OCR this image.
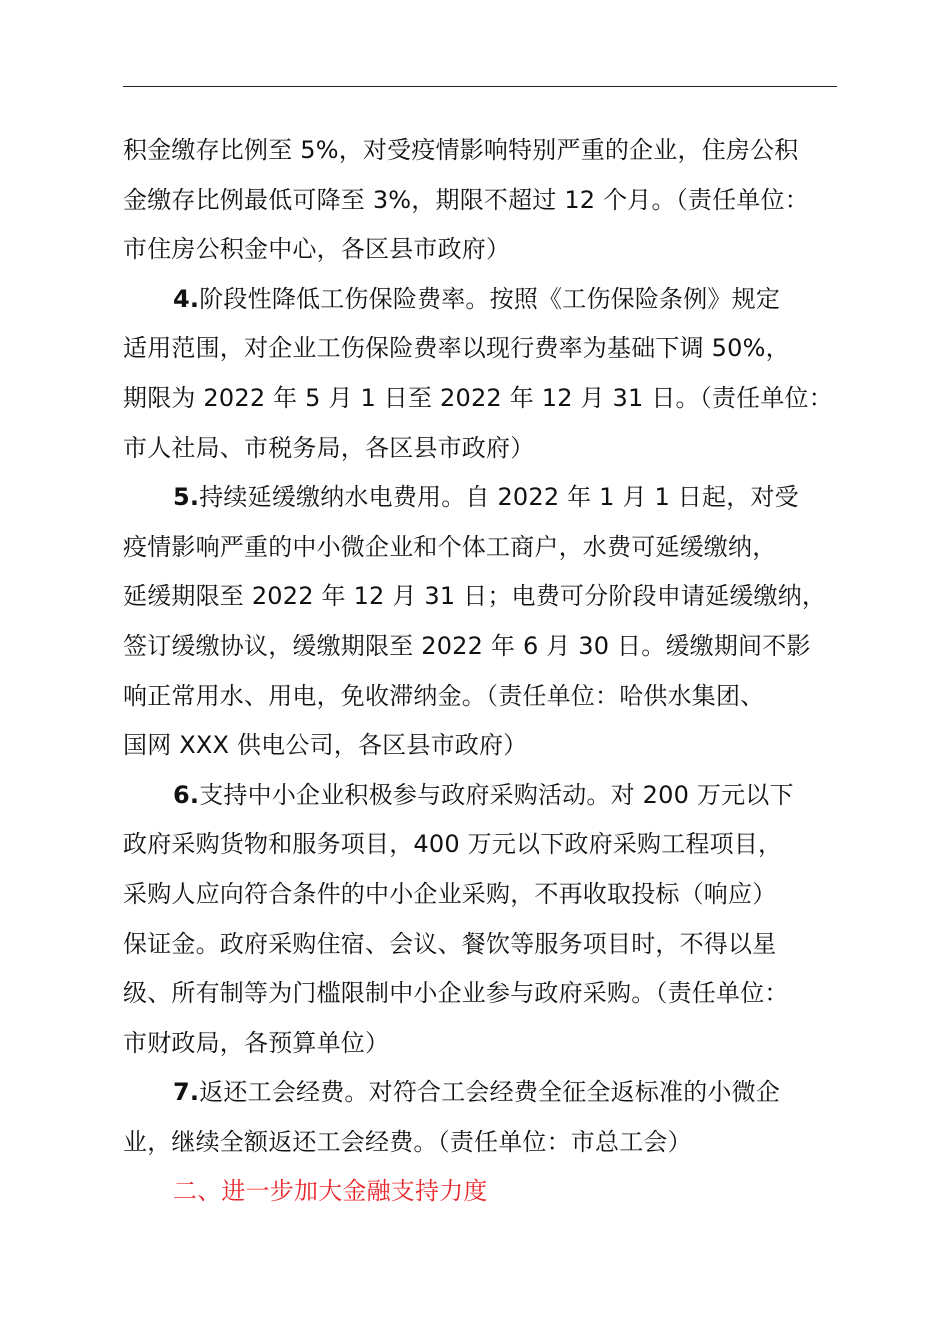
积金缴存比例至 5%，对受疫情影响特别严重的企业，住房公积
金缴存比例最低可降至 3%，期限不超过 12 个月。（责任单位：
市住房公积金中心，各区县市政府）
4.阶段性降低工伤保险费率。按照《工伤保险条例》规定
适用范围，对企业工伤保险费率以现行费率为基础下调 50%，
期限为 2022 年 5 月 1 日至 2022 年 12 月 31 日。（责任单位：
市人社局、市税务局，各区县市政府）
5.持续延缓缴纳水电费用。自 2022 年 1 月 1 日起，对受
疫情影响严重的中小微企业和个体工商户，水费可延缓缴纳，
延缓期限至 2022 年 12 月 31 日；电费可分阶段申请延缓缴纳，
签订缓缴协议，缓缴期限至 2022 年 6 月 30 日。缓缴期间不影
响正常用水、用电，免收滞纳金。（责任单位：哈供水集团、
国网 XXX 供电公司，各区县市政府）
6.支持中小企业积极参与政府采购活动。对 200 万元以下
政府采购货物和服务项目，400 万元以下政府采购工程项目，
采购人应向符合条件的中小企业采购，不再收取投标（响应）
保证金。政府采购住宿、会议、餐饮等服务项目时，不得以星
级、所有制等为门槛限制中小企业参与政府采购。（责任单位：
市财政局，各预算单位）
7.返还工会经费。对符合工会经费全征全返标准的小微企
业，继续全额返还工会经费。（责任单位：市总工会）
二、进一步加大金融支持力度
